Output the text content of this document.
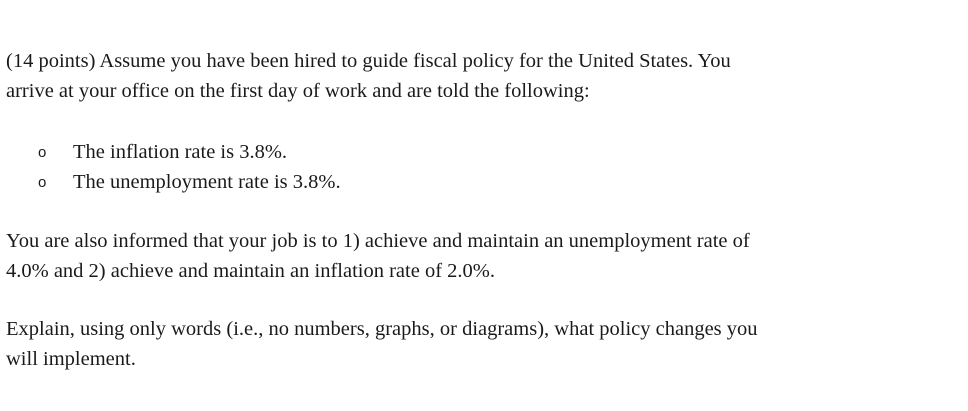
(14 points) Assume you have been hired to guide fiscal policy for the United States. You
arrive at your office on the first day of work and are told the following:

o The inflation rate is 3.8%.
o The unemployment rate is 3.8%.

You are also informed that your job is to 1) achieve and maintain an unemployment rate of
4.0% and 2) achieve and maintain an inflation rate of 2.0%.

Explain, using only words (i.e., no numbers, graphs, or diagrams), what policy changes you
will implement.
